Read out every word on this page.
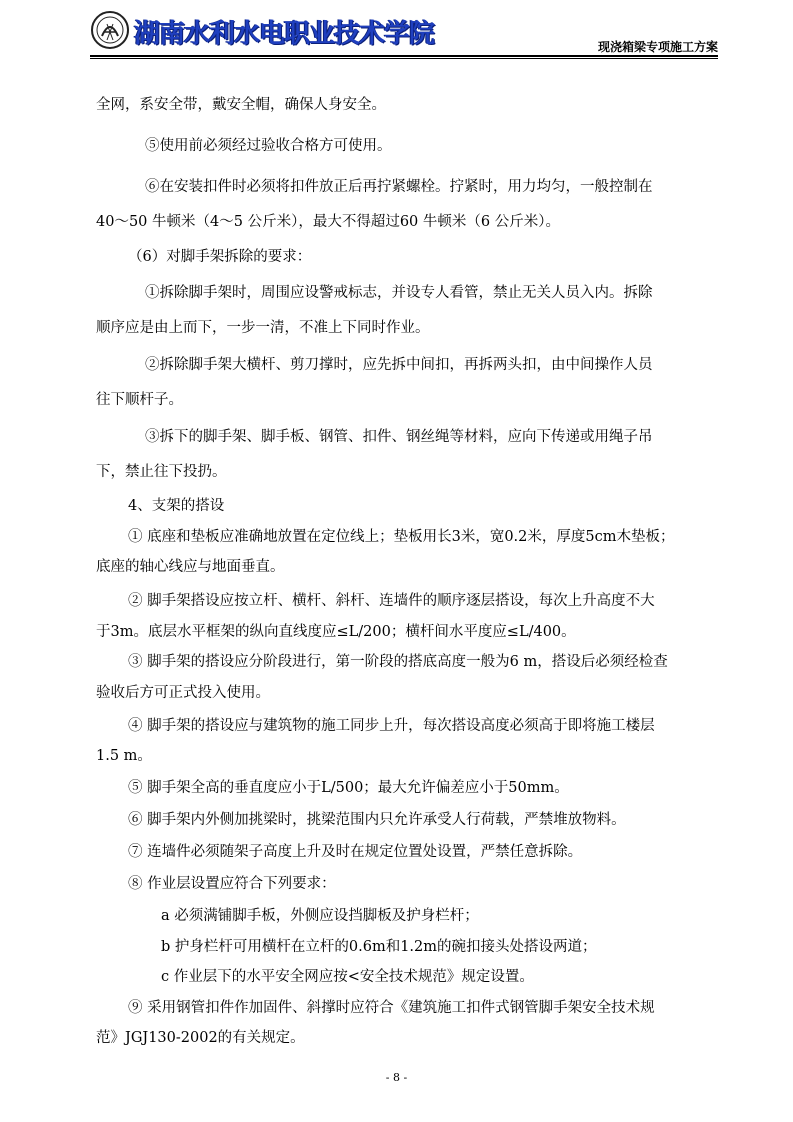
湖南水利水电职业技术学院	现浇箱梁专项施工方案
全网，系安全带，戴安全帽，确保人身安全。
⑤使用前必须经过验收合格方可使用。
⑥在安装扣件时必须将扣件放正后再拧紧螺栓。拧紧时，用力均匀，一般控制在
40～50 牛顿米（4～5 公斤米），最大不得超过60 牛顿米（6 公斤米）。
（6）对脚手架拆除的要求：
①拆除脚手架时，周围应设警戒标志，并设专人看管，禁止无关人员入内。拆除
顺序应是由上而下，一步一清，不准上下同时作业。
②拆除脚手架大横杆、剪刀撑时，应先拆中间扣，再拆两头扣，由中间操作人员
往下顺杆子。
③拆下的脚手架、脚手板、钢管、扣件、钢丝绳等材料，应向下传递或用绳子吊
下，禁止往下投扔。
4、支架的搭设
① 底座和垫板应准确地放置在定位线上；垫板用长3米，宽0.2米，厚度5cm木垫板；
底座的轴心线应与地面垂直。
② 脚手架搭设应按立杆、横杆、斜杆、连墙件的顺序逐层搭设，每次上升高度不大
于3m。底层水平框架的纵向直线度应≤L/200；横杆间水平度应≤L/400。
③ 脚手架的搭设应分阶段进行，第一阶段的搭底高度一般为6 m，搭设后必须经检查
验收后方可正式投入使用。
④ 脚手架的搭设应与建筑物的施工同步上升，每次搭设高度必须高于即将施工楼层
1.5 m。
⑤ 脚手架全高的垂直度应小于L/500；最大允许偏差应小于50mm。
⑥ 脚手架内外侧加挑梁时，挑梁范围内只允许承受人行荷载，严禁堆放物料。
⑦ 连墙件必须随架子高度上升及时在规定位置处设置，严禁任意拆除。
⑧ 作业层设置应符合下列要求：
a 必须满铺脚手板，外侧应设挡脚板及护身栏杆；
b 护身栏杆可用横杆在立杆的0.6m和1.2m的碗扣接头处搭设两道；
c 作业层下的水平安全网应按<安全技术规范》规定设置。
⑨ 采用钢管扣件作加固件、斜撑时应符合《建筑施工扣件式钢管脚手架安全技术规
范》JGJ130-2002的有关规定。
- 8 -
